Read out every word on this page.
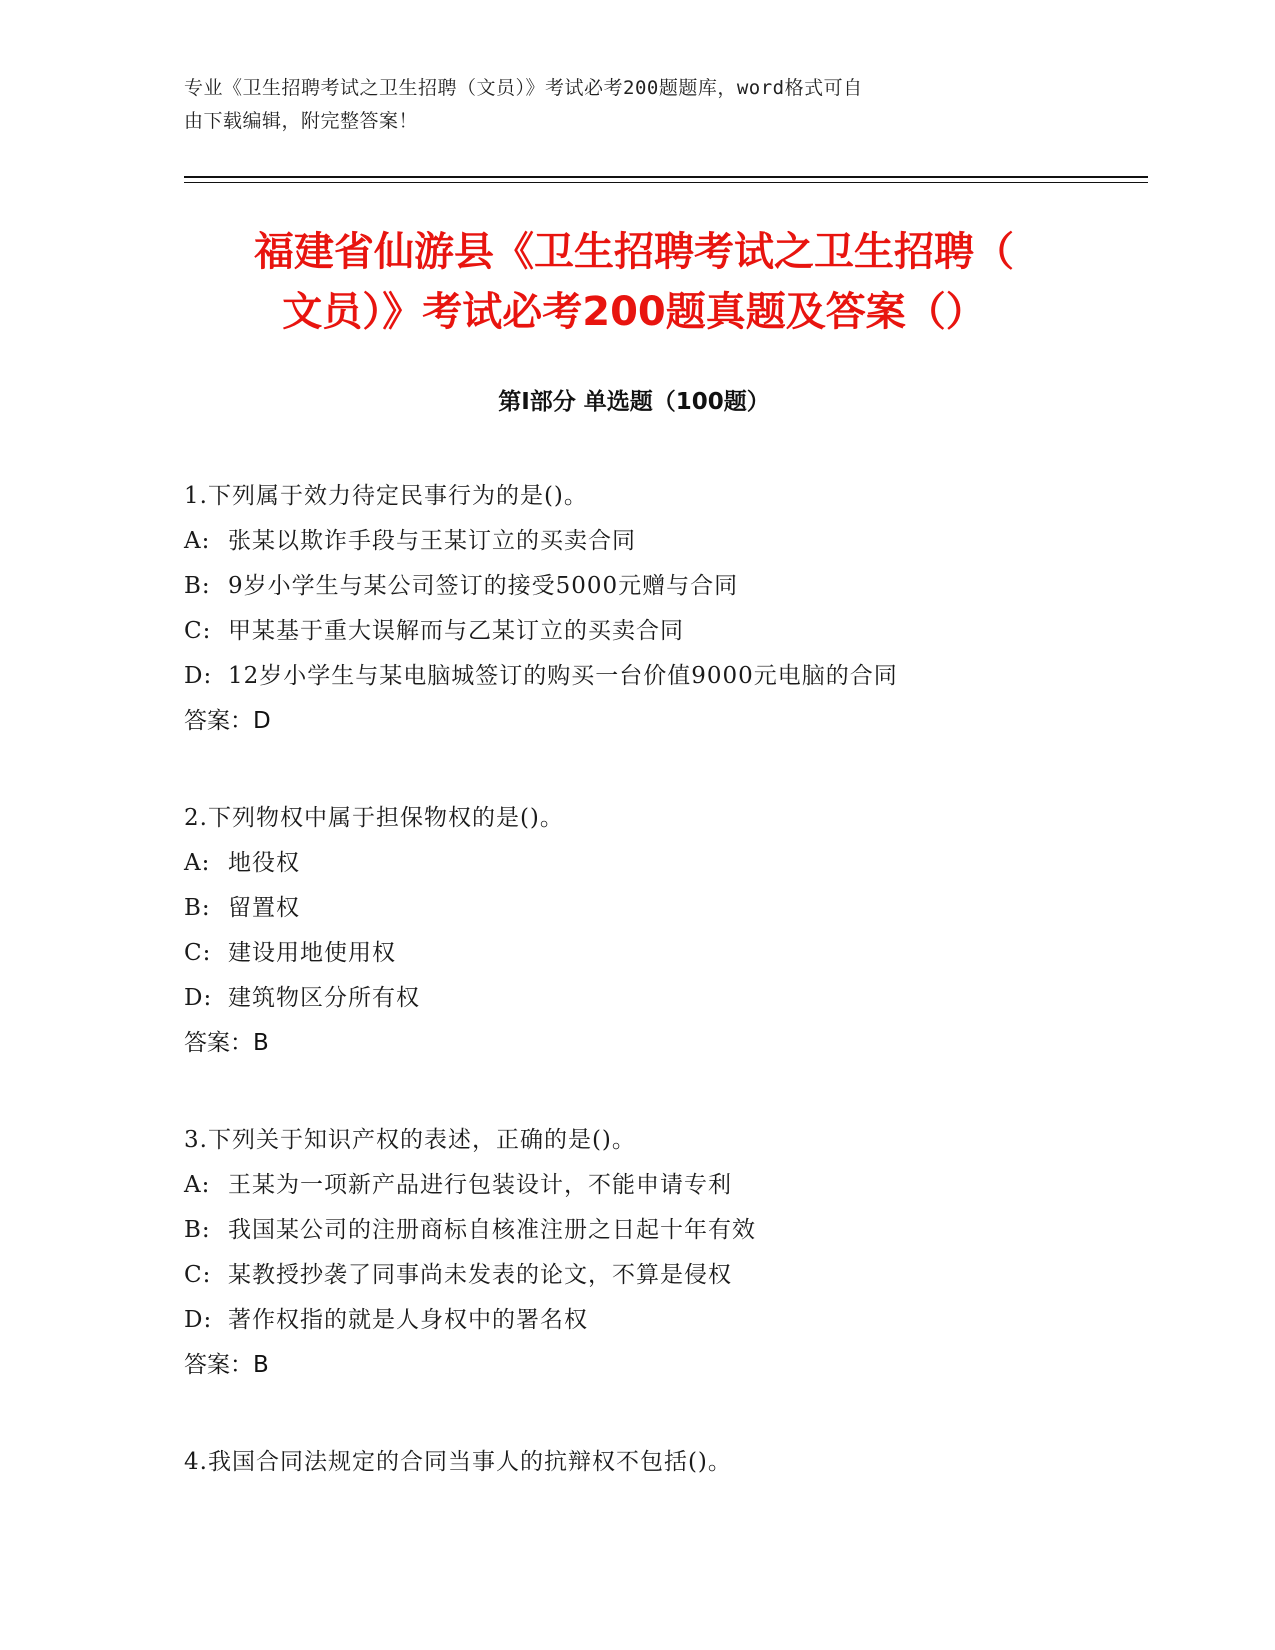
专业《卫生招聘考试之卫生招聘（文员）》考试必考200题题库，word格式可自
由下载编辑，附完整答案！
福建省仙游县《卫生招聘考试之卫生招聘（
文员）》考试必考200题真题及答案（）
第Ⅰ部分 单选题（100题）
1.下列属于效力待定民事行为的是()。
A: 张某以欺诈手段与王某订立的买卖合同
B: 9岁小学生与某公司签订的接受5000元赠与合同
C: 甲某基于重大误解而与乙某订立的买卖合同
D: 12岁小学生与某电脑城签订的购买一台价值9000元电脑的合同
答案：D
2.下列物权中属于担保物权的是()。
A: 地役权
B: 留置权
C: 建设用地使用权
D: 建筑物区分所有权
答案：B
3.下列关于知识产权的表述，正确的是()。
A: 王某为一项新产品进行包装设计，不能申请专利
B: 我国某公司的注册商标自核准注册之日起十年有效
C: 某教授抄袭了同事尚未发表的论文，不算是侵权
D: 著作权指的就是人身权中的署名权
答案：B
4.我国合同法规定的合同当事人的抗辩权不包括()。
